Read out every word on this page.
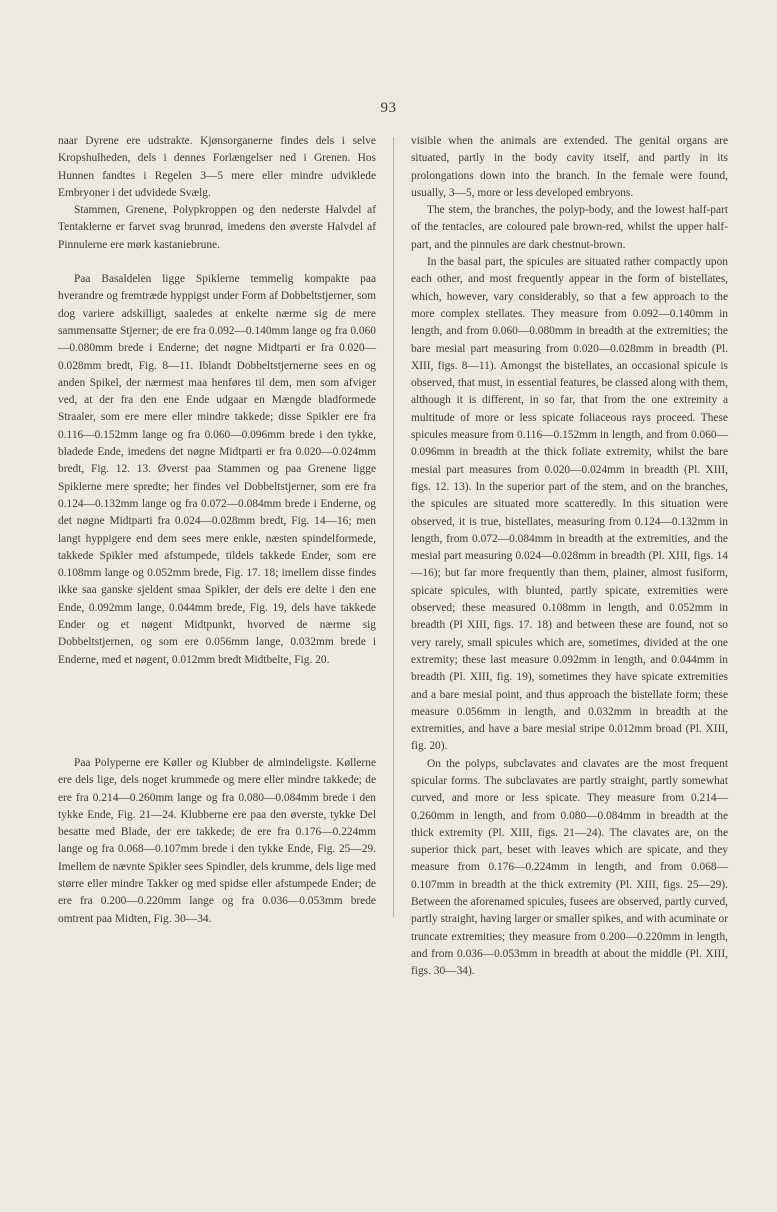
93

naar Dyrene ere udstrakte. Kjønsorganerne findes dels i selve Kropshulheden, dels i dennes Forlængelser ned i Grenen. Hos Hunnen fandtes i Regelen 3—5 mere eller mindre udviklede Embryoner i det udvidede Svælg.

Stammen, Grenene, Polypkroppen og den nederste Halvdel af Tentaklerne er farvet svag brunrød, imedens den øverste Halvdel af Pinnulerne ere mørk kastaniebrune.

Paa Basaldelen ligge Spiklerne temmelig kompakte paa hverandre og fremtræde hyppigst under Form af Dobbeltstjerner, som dog variere adskilligt, saaledes at enkelte nærme sig de mere sammensatte Stjerner; de ere fra 0.092—0.140mm lange og fra 0.060—0.080mm brede i Enderne; det nøgne Midtparti er fra 0.020—0.028mm bredt, Fig. 8—11. Iblandt Dobbeltstjernerne sees en og anden Spikel, der nærmest maa henføres til dem, men som afviger ved, at der fra den ene Ende udgaar en Mængde bladformede Straaler, som ere mere eller mindre takkede; disse Spikler ere fra 0.116—0.152mm lange og fra 0.060—0.096mm brede i den tykke, bladede Ende, imedens det nøgne Midtparti er fra 0.020—0.024mm bredt, Fig. 12. 13. Øverst paa Stammen og paa Grenene ligge Spiklerne mere spredte; her findes vel Dobbeltstjerner, som ere fra 0.124—0.132mm lange og fra 0.072—0.084mm brede i Enderne, og det nøgne Midtparti fra 0.024—0.028mm bredt, Fig. 14—16; men langt hyppigere end dem sees mere enkle, næsten spindelformede, takkede Spikler med afstumpede, tildels takkede Ender, som ere 0.108mm lange og 0.052mm brede, Fig. 17. 18; imellem disse findes ikke saa ganske sjeldent smaa Spikler, der dels ere delte i den ene Ende, 0.092mm lange, 0.044mm brede, Fig. 19, dels have takkede Ender og et nøgent Midtpunkt, hvorved de nærme sig Dobbeltstjernen, og som ere 0.056mm lange, 0.032mm brede i Enderne, med et nøgent, 0.012mm bredt Midtbelte, Fig. 20.

Paa Polyperne ere Køller og Klubber de almindeligste. Køllerne ere dels lige, dels noget krummede og mere eller mindre takkede; de ere fra 0.214—0.260mm lange og fra 0.080—0.084mm brede i den tykke Ende, Fig. 21—24. Klubberne ere paa den øverste, tykke Del besatte med Blade, der ere takkede; de ere fra 0.176—0.224mm lange og fra 0.068—0.107mm brede i den tykke Ende, Fig. 25—29. Imellem de nævnte Spikler sees Spindler, dels krumme, dels lige med større eller mindre Takker og med spidse eller afstumpede Ender; de ere fra 0.200—0.220mm lange og fra 0.036—0.053mm brede omtrent paa Midten, Fig. 30—34.

visible when the animals are extended. The genital organs are situated, partly in the body cavity itself, and partly in its prolongations down into the branch. In the female were found, usually, 3—5, more or less developed embryons.

The stem, the branches, the polyp-body, and the lowest half-part of the tentacles, are coloured pale brown-red, whilst the upper half-part, and the pinnules are dark chestnut-brown.

In the basal part, the spicules are situated rather compactly upon each other, and most frequently appear in the form of bistellates, which, however, vary considerably, so that a few approach to the more complex stellates. They measure from 0.092—0.140mm in length, and from 0.060—0.080mm in breadth at the extremities; the bare mesial part measuring from 0.020—0.028mm in breadth (Pl. XIII, figs. 8—11). Amongst the bistellates, an occasional spicule is observed, that must, in essential features, be classed along with them, although it is different, in so far, that from the one extremity a multitude of more or less spicate foliaceous rays proceed. These spicules measure from 0.116—0.152mm in length, and from 0.060—0.096mm in breadth at the thick foliate extremity, whilst the bare mesial part measures from 0.020—0.024mm in breadth (Pl. XIII, figs. 12. 13). In the superior part of the stem, and on the branches, the spicules are situated more scatteredly. In this situation were observed, it is true, bistellates, measuring from 0.124—0.132mm in length, from 0.072—0.084mm in breadth at the extremities, and the mesial part measuring 0.024—0.028mm in breadth (Pl. XIII, figs. 14—16); but far more frequently than them, plainer, almost fusiform, spicate spicules, with blunted, partly spicate, extremities were observed; these measured 0.108mm in length, and 0.052mm in breadth (Pl XIII, figs. 17. 18) and between these are found, not so very rarely, small spicules which are, sometimes, divided at the one extremity; these last measure 0.092mm in length, and 0.044mm in breadth (Pl. XIII, fig. 19), sometimes they have spicate extremities and a bare mesial point, and thus approach the bistellate form; these measure 0.056mm in length, and 0.032mm in breadth at the extremities, and have a bare mesial stripe 0.012mm broad (Pl. XIII, fig. 20).

On the polyps, subclavates and clavates are the most frequent spicular forms. The subclavates are partly straight, partly somewhat curved, and more or less spicate. They measure from 0.214—0.260mm in length, and from 0.080—0.084mm in breadth at the thick extremity (Pl. XIII, figs. 21—24). The clavates are, on the superior thick part, beset with leaves which are spicate, and they measure from 0.176—0.224mm in length, and from 0.068—0.107mm in breadth at the thick extremity (Pl. XIII, figs. 25—29). Between the aforenamed spicules, fusees are observed, partly curved, partly straight, having larger or smaller spikes, and with acuminate or truncate extremities; they measure from 0.200—0.220mm in length, and from 0.036—0.053mm in breadth at about the middle (Pl. XIII, figs. 30—34).
